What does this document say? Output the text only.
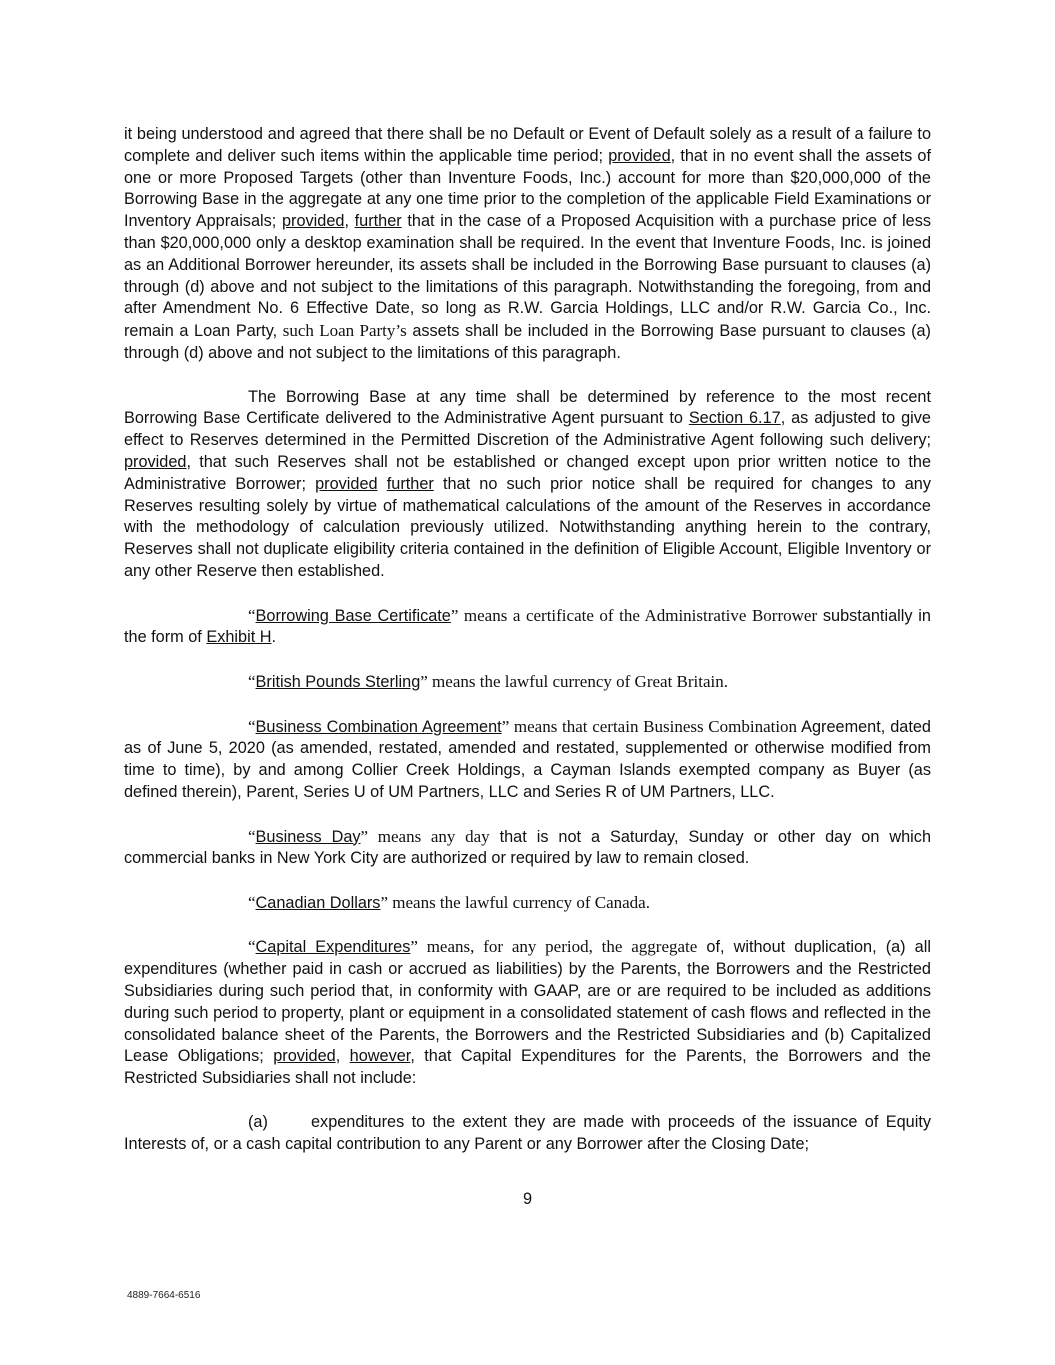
it being understood and agreed that there shall be no Default or Event of Default solely as a result of a failure to complete and deliver such items within the applicable time period; provided, that in no event shall the assets of one or more Proposed Targets (other than Inventure Foods, Inc.) account for more than $20,000,000 of the Borrowing Base in the aggregate at any one time prior to the completion of the applicable Field Examinations or Inventory Appraisals; provided, further that in the case of a Proposed Acquisition with a purchase price of less than $20,000,000 only a desktop examination shall be required. In the event that Inventure Foods, Inc. is joined as an Additional Borrower hereunder, its assets shall be included in the Borrowing Base pursuant to clauses (a) through (d) above and not subject to the limitations of this paragraph. Notwithstanding the foregoing, from and after Amendment No. 6 Effective Date, so long as R.W. Garcia Holdings, LLC and/or R.W. Garcia Co., Inc. remain a Loan Party, such Loan Party’s assets shall be included in the Borrowing Base pursuant to clauses (a) through (d) above and not subject to the limitations of this paragraph.

The Borrowing Base at any time shall be determined by reference to the most recent Borrowing Base Certificate delivered to the Administrative Agent pursuant to Section 6.17, as adjusted to give effect to Reserves determined in the Permitted Discretion of the Administrative Agent following such delivery; provided, that such Reserves shall not be established or changed except upon prior written notice to the Administrative Borrower; provided further that no such prior notice shall be required for changes to any Reserves resulting solely by virtue of mathematical calculations of the amount of the Reserves in accordance with the methodology of calculation previously utilized. Notwithstanding anything herein to the contrary, Reserves shall not duplicate eligibility criteria contained in the definition of Eligible Account, Eligible Inventory or any other Reserve then established.

“Borrowing Base Certificate” means a certificate of the Administrative Borrower substantially in the form of Exhibit H.

“British Pounds Sterling” means the lawful currency of Great Britain.

“Business Combination Agreement” means that certain Business Combination Agreement, dated as of June 5, 2020 (as amended, restated, amended and restated, supplemented or otherwise modified from time to time), by and among Collier Creek Holdings, a Cayman Islands exempted company as Buyer (as defined therein), Parent, Series U of UM Partners, LLC and Series R of UM Partners, LLC.

“Business Day” means any day that is not a Saturday, Sunday or other day on which commercial banks in New York City are authorized or required by law to remain closed.

“Canadian Dollars” means the lawful currency of Canada.

“Capital Expenditures” means, for any period, the aggregate of, without duplication, (a) all expenditures (whether paid in cash or accrued as liabilities) by the Parents, the Borrowers and the Restricted Subsidiaries during such period that, in conformity with GAAP, are or are required to be included as additions during such period to property, plant or equipment in a consolidated statement of cash flows and reflected in the consolidated balance sheet of the Parents, the Borrowers and the Restricted Subsidiaries and (b) Capitalized Lease Obligations; provided, however, that Capital Expenditures for the Parents, the Borrowers and the Restricted Subsidiaries shall not include:

(a)	expenditures to the extent they are made with proceeds of the issuance of Equity Interests of, or a cash capital contribution to any Parent or any Borrower after the Closing Date;

9
4889-7664-6516
